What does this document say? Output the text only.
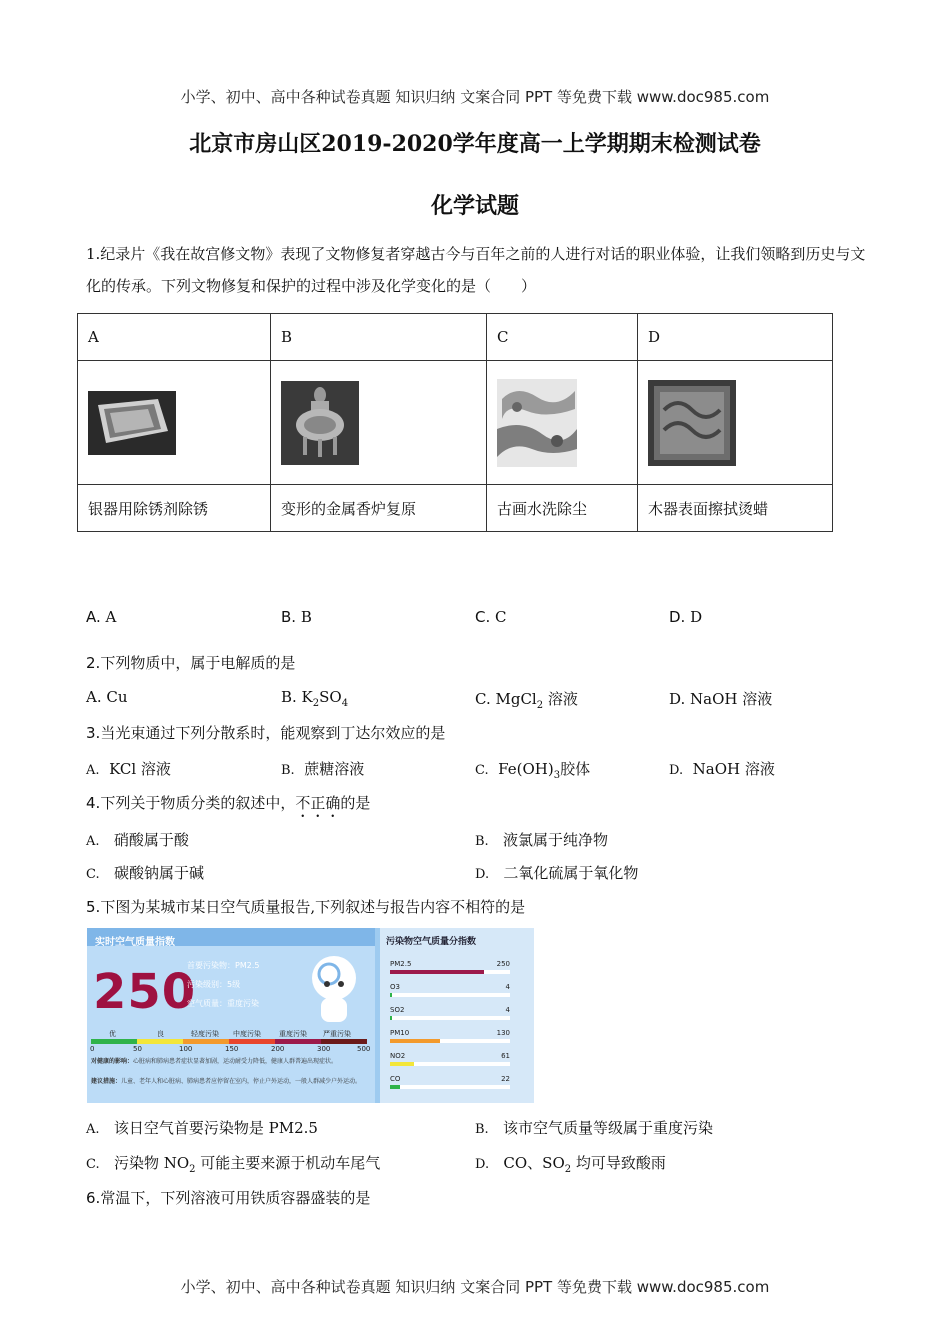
小学、初中、高中各种试卷真题 知识归纳 文案合同 PPT 等免费下载 www.doc985.com
北京市房山区2019-2020学年度高一上学期期末检测试卷
化学试题
1.纪录片《我在故宫修文物》表现了文物修复者穿越古今与百年之前的人进行对话的职业体验，让我们领略到历史与文化的传承。下列文物修复和保护的过程中涉及化学变化的是（　　）
A	B	C	D

银器用除锈剂除锈	变形的金属香炉复原	古画水洗除尘	木器表面擦拭烫蜡
A. A	B. B	C. C	D. D
2.下列物质中，属于电解质的是
A. Cu	B. $K_2SO_4$	C. MgCl$_2$ 溶液	D. NaOH 溶液
3.当光束通过下列分散系时，能观察到丁达尔效应的是
A. KCl 溶液	B. 蔗糖溶液	C. $Fe(OH)_3$胶体	D. NaOH 溶液
4.下列关于物质分类的叙述中，不正确的是
A. 硝酸属于酸	B. 液氯属于纯净物
C. 碳酸钠属于碱	D. 二氧化硫属于氧化物
5.下图为某城市某日空气质量报告,下列叙述与报告内容不相符的是
实时空气质量指数
250
首要污染物：PM2.5
污染级别：5级
空气质量：重度污染
优	良	轻度污染 中度污染	重度污染 严重污染
0	50	100	150	200	300	500
对健康的影响：心脏病和肺病患者症状显著加剧，运动耐受力降低，健康人群普遍出现症状。
建议措施：儿童、老年人和心脏病、肺病患者应停留在室内，停止户外运动，一般人群减少户外运动。
污染物空气质量分指数
PM2.5	250
O3	4
SO2	4
PM10	130
NO2	61
CO	22
A. 该日空气首要污染物是 PM2.5	B. 该市空气质量等级属于重度污染
C. 污染物 $NO_2$ 可能主要来源于机动车尾气	D. CO、$SO_2$ 均可导致酸雨
6.常温下，下列溶液可用铁质容器盛装的是
小学、初中、高中各种试卷真题 知识归纳 文案合同 PPT 等免费下载 www.doc985.com
